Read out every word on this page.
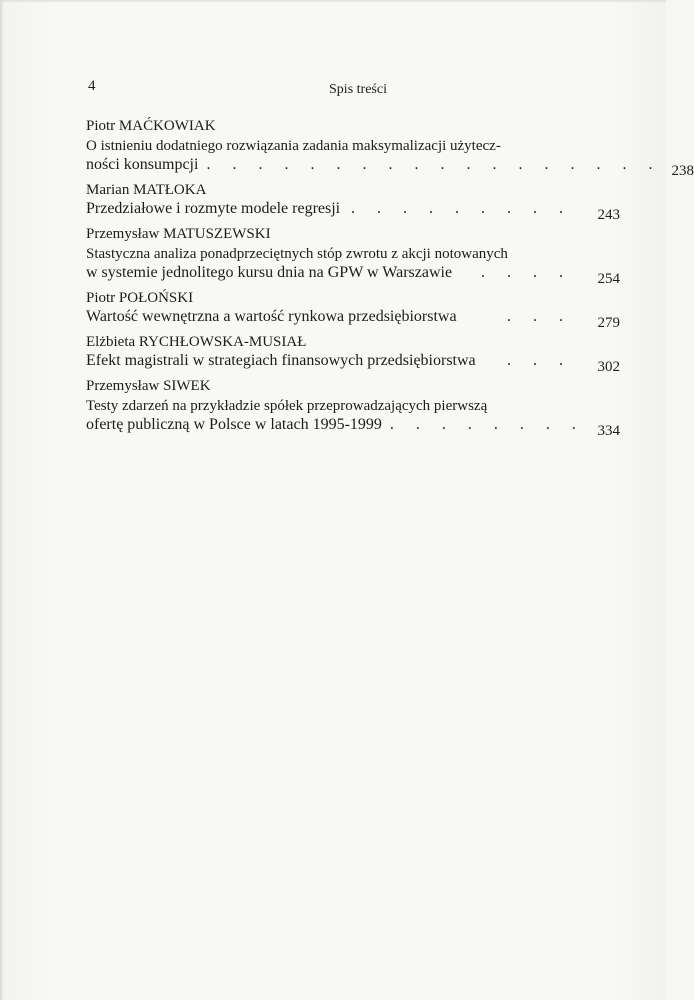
4	Spis treści
Piotr MAĆKOWIAK
O istnieniu dodatniego rozwiązania zadania maksymalizacji użytecz-
ności konsumpcji . . . . . . . . . . . . . . . . . . 238
Marian MATŁOKA
Przedziałowe i rozmyte modele regresji . . . . . . . . .	243
Przemysław MATUSZEWSKI
Stastyczna analiza ponadprzeciętnych stóp zwrotu z akcji notowanych
w systemie jednolitego kursu dnia na GPW w Warszawie	. . . .	254
Piotr POŁOŃSKI
Wartość wewnętrzna a wartość rynkowa przedsiębiorstwa	. . .	279
Elżbieta RYCHŁOWSKA-MUSIAŁ
Efekt magistrali w strategiach finansowych przedsiębiorstwa	. . .	302
Przemysław SIWEK
Testy zdarzeń na przykładzie spółek przeprowadzających pierwszą
ofertę publiczną w Polsce w latach 1995-1999 . . . . . . . . 334
